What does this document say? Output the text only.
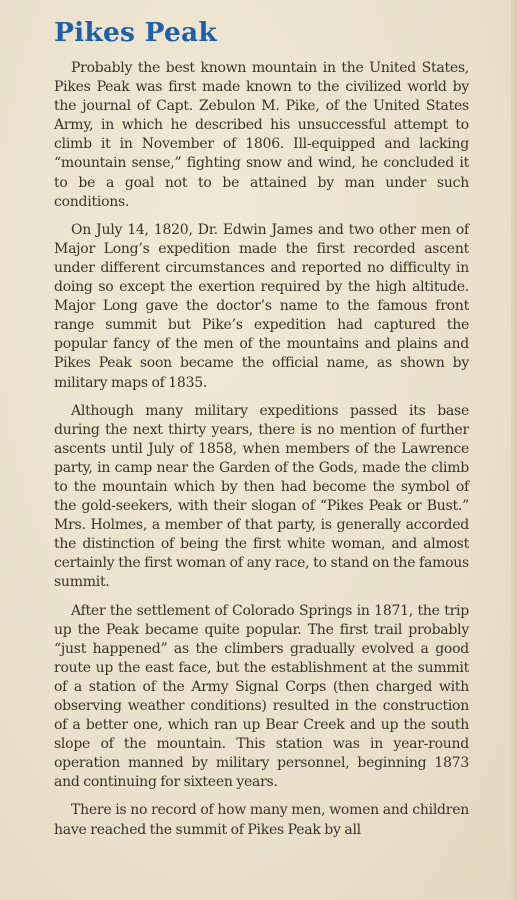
Pikes Peak

Probably the best known mountain in the United States, Pikes Peak was first made known to the civilized world by the journal of Capt. Zebulon M. Pike, of the United States Army, in which he described his unsuccessful attempt to climb it in November of 1806. Ill-equipped and lacking “mountain sense,” fighting snow and wind, he concluded it to be a goal not to be attained by man under such conditions.

On July 14, 1820, Dr. Edwin James and two other men of Major Long’s expedition made the first recorded ascent under different circumstances and reported no difficulty in doing so except the exertion required by the high altitude. Major Long gave the doctor’s name to the famous front range summit but Pike’s expedition had captured the popular fancy of the men of the mountains and plains and Pikes Peak soon became the official name, as shown by military maps of 1835.

Although many military expeditions passed its base during the next thirty years, there is no mention of further ascents until July of 1858, when members of the Lawrence party, in camp near the Garden of the Gods, made the climb to the mountain which by then had become the symbol of the gold-seekers, with their slogan of “Pikes Peak or Bust.” Mrs. Holmes, a member of that party, is generally accorded the distinction of being the first white woman, and almost certainly the first woman of any race, to stand on the famous summit.

After the settlement of Colorado Springs in 1871, the trip up the Peak became quite popular. The first trail probably “just happened” as the climbers gradually evolved a good route up the east face, but the establishment at the summit of a station of the Army Signal Corps (then charged with observing weather conditions) resulted in the construction of a better one, which ran up Bear Creek and up the south slope of the mountain. This station was in year-round operation manned by military personnel, beginning 1873 and continuing for sixteen years.

There is no record of how many men, women and children have reached the summit of Pikes Peak by all
